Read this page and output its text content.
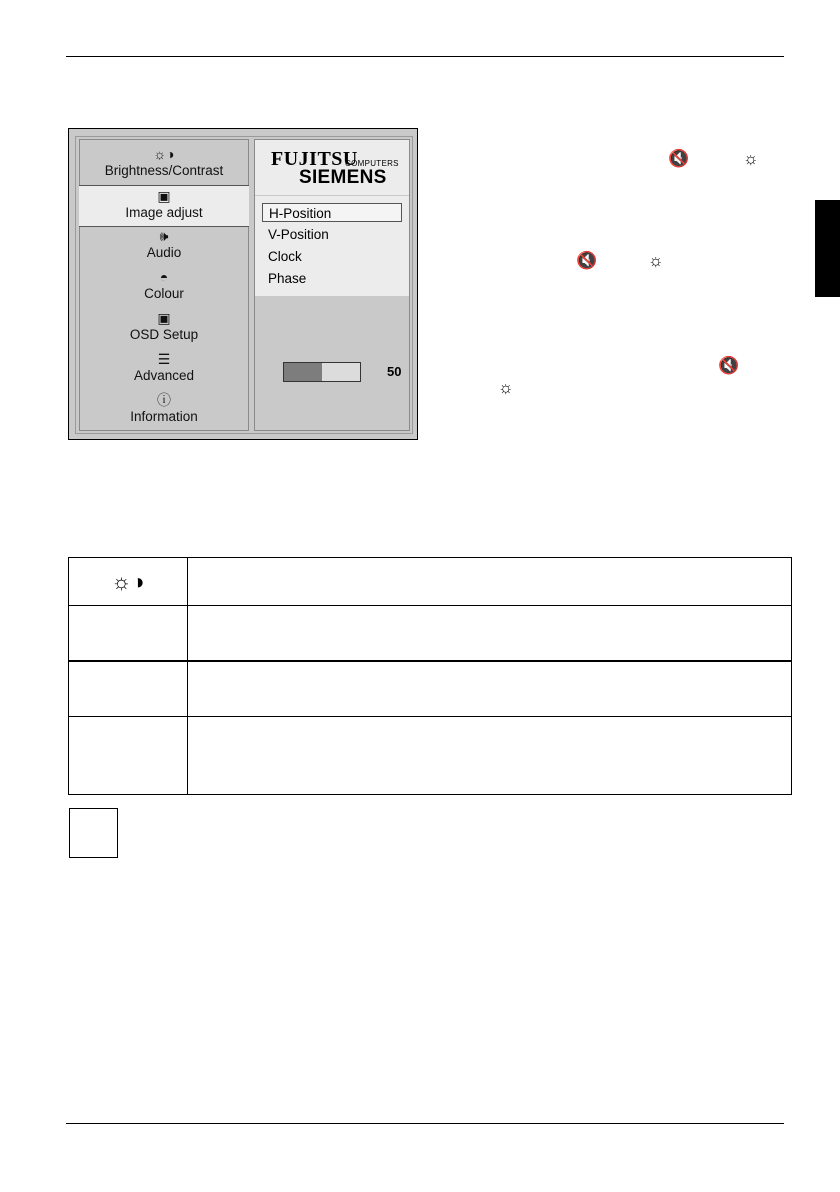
☼◑
Brightness/Contrast
▣
Image adjust
🕪
Audio
◓
Colour
▣
OSD Setup
☰
Advanced
ⓘ
Information
FUJITSU
COMPUTERS
SIEMENS
H-Position
V-Position
Clock
Phase
50
🔇	☼
🔇	☼
🔇
☼
☼◑	
